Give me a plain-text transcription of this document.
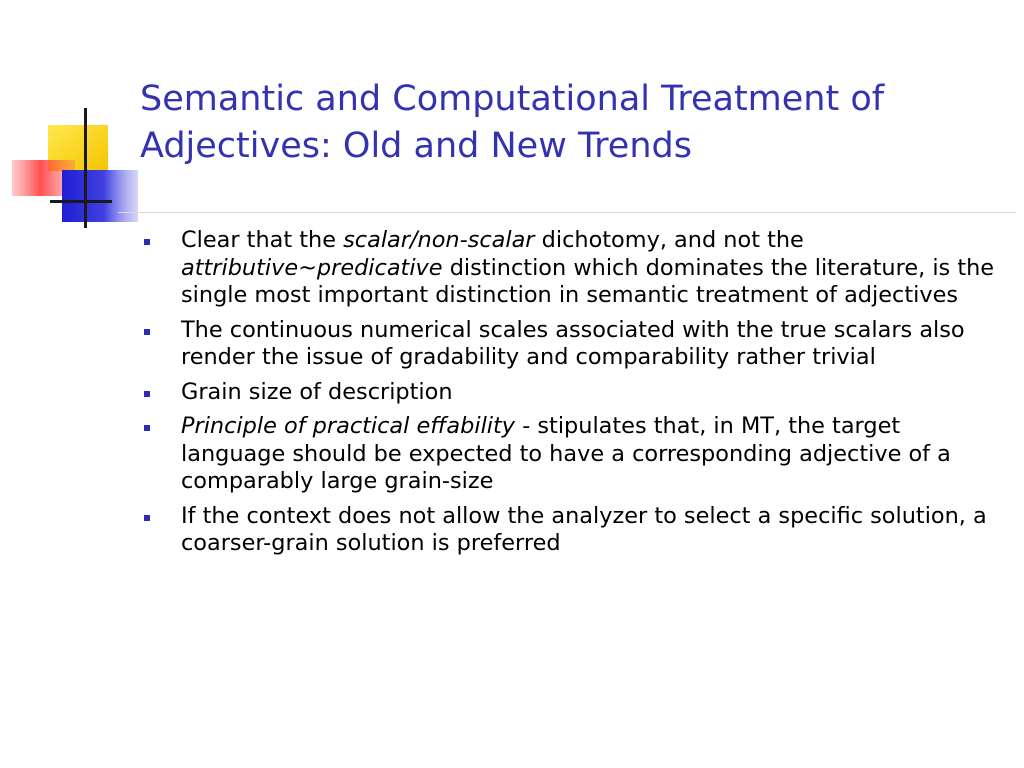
Semantic and Computational Treatment of Adjectives: Old and New Trends
Clear that the scalar/non-scalar dichotomy, and not the attributive~predicative distinction which dominates the literature, is the single most important distinction in semantic treatment of adjectives
The continuous numerical scales associated with the true scalars also render the issue of gradability and comparability rather trivial
Grain size of description
Principle of practical effability - stipulates that, in MT, the target language should be expected to have a corresponding adjective of a comparably large grain-size
If the context does not allow the analyzer to select a specific solution, a coarser-grain solution is preferred
